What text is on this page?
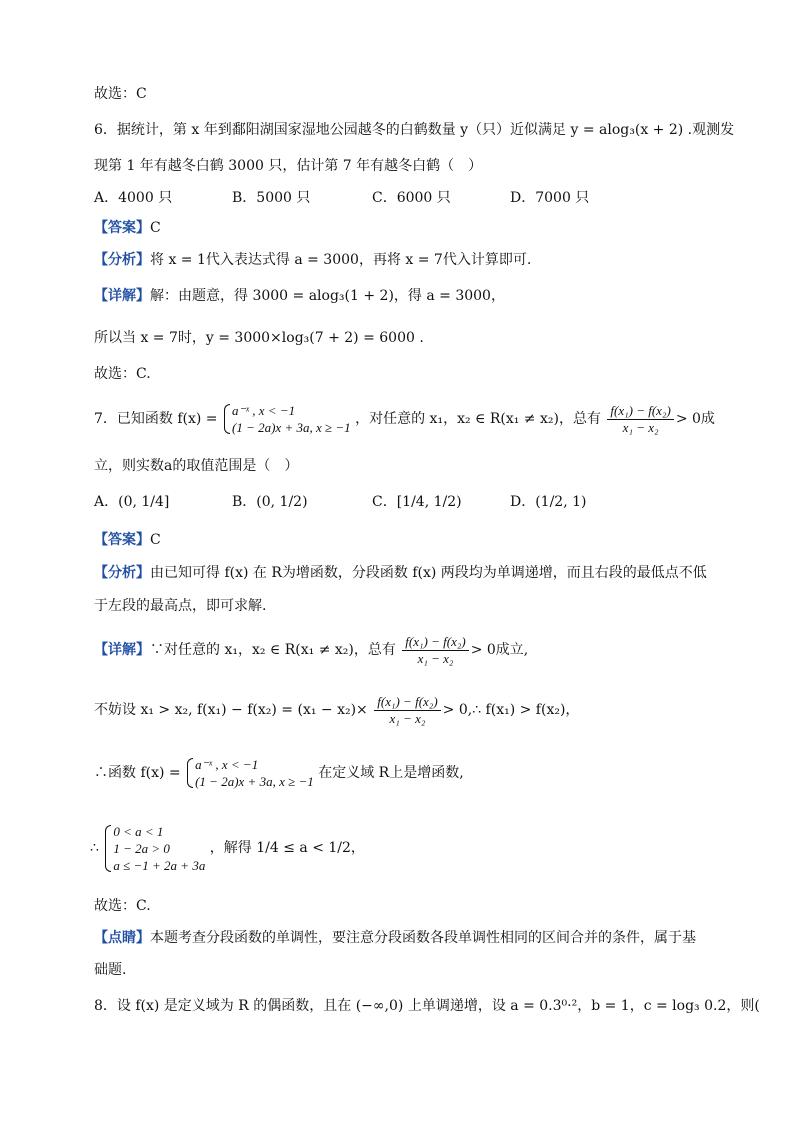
故选：C
6．据统计，第 x 年到鄱阳湖国家湿地公园越冬的白鹤数量 y（只）近似满足 y = alog₃(x + 2) .观测发
现第 1 年有越冬白鹤 3000 只，估计第 7 年有越冬白鹤（　）
A．4000 只	B．5000 只	C．6000 只	D．7000 只
【答案】C
【分析】将 x = 1代入表达式得 a = 3000，再将 x = 7代入计算即可.
【详解】解：由题意，得 3000 = alog₃(1 + 2)，得 a = 3000，
所以当 x = 7时，y = 3000×log₃(7 + 2) = 6000 .
故选：C.
7．已知函数 f(x) =
a⁻ˣ , x < −1
(1 − 2a)x + 3a, x ≥ −1
，对任意的 x₁，x₂ ∈ R(x₁ ≠ x₂)，总有 $\frac{\text{f(x₁) − f(x₂)}}{\text{x₁ − x₂}} > 0$成
立，则实数a的取值范围是（　）
A．(0, 1/4]	B．(0, 1/2)	C．[1/4, 1/2)	D．(1/2, 1)
【答案】C
【分析】由已知可得 f(x) 在 R为增函数，分段函数 f(x) 两段均为单调递增，而且右段的最低点不低
于左段的最高点，即可求解.
【详解】∵对任意的 x₁，x₂ ∈ R(x₁ ≠ x₂)，总有 $\frac{\text{f(x₁) − f(x₂)}}{\text{x₁ − x₂}} > 0$成立,
不妨设 x₁ > x₂, $f(x_1) - f(x_2) = (x_1 - x_2)\times \frac{\text{f(x₁) − f(x₂)}}{\text{x₁ − x₂}}$ > 0,∴ f(x₁) > f(x₂)，
∴函数 f(x) =
a⁻ˣ , x < −1
(1 − 2a)x + 3a, x ≥ −1
在定义域 R上是增函数,
∴
0 < a < 1
1 − 2a > 0
a ≤ −1 + 2a + 3a
，解得 1/4 ≤ a < 1/2，
故选：C.
【点睛】本题考查分段函数的单调性，要注意分段函数各段单调性相同的区间合并的条件，属于基
础题.
8．设 f(x) 是定义域为 R 的偶函数，且在 (−∞,0) 上单调递增，设 a = 0.3⁰·²，b = 1，c = log₃ 0.2，则(
